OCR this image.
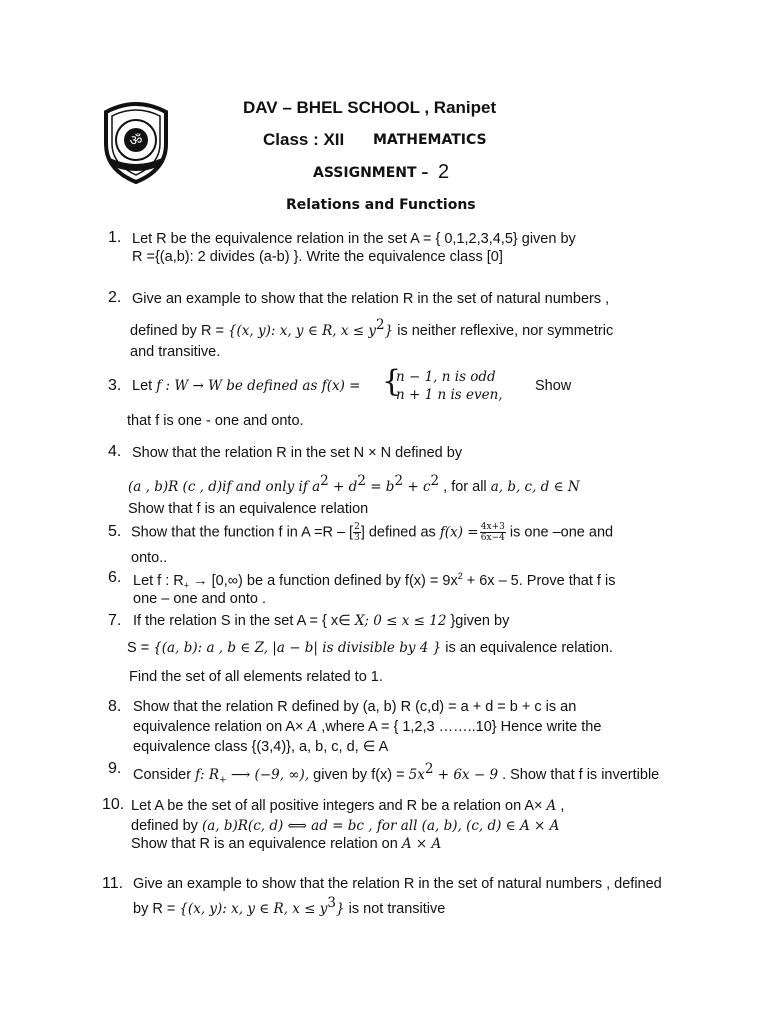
ॐ
DAV – BHEL SCHOOL , Ranipet
Class : XII MATHEMATICS
ASSIGNMENT – 2
Relations and Functions
1. Let R be the equivalence relation in the set A = { 0,1,2,3,4,5} given by
R ={(a,b): 2 divides (a-b) }. Write the equivalence class [0]
2. Give an example to show that the relation R in the set of natural numbers ,
defined by R = {(x, y): x, y ∈ R, $x \le y^2$} is neither reflexive, nor symmetric
and transitive.
3. Let f : W → W be defined as f(x) = {
n − 1, n is odd
n + 1 n is even,
Show
that f is one - one and onto.
4. Show that the relation R in the set N × N defined by
(a , b)R (c , d)if and only if $a^2 + d^2 = b^2 + c^2$ , for all a, b, c, d ∈ N
Show that f is an equivalence relation
5. Show that the function f in A =R – [ $\frac{2}{3}$ ] defined as f(x) =  $\frac{4x+3}{6x-4}$ is one –one and
onto..
6. Let f : $R_+ \to [0,\infty)$ be a function defined by $f(x) = 9x^2 + 6x - 5$. Prove that f is
one – one and onto .
7. If the relation S in the set A = { x∈ X; 0 ≤ x ≤ 12 }given by
S = {(a, b): a , b ∈ Z, |a − b| is divisible by 4 } is an equivalence relation.
Find the set of all elements related to 1.
8. Show that the relation R defined by (a, b) R (c,d) = a + d = b + c is an
equivalence relation on A× A ,where A = { 1,2,3 ……..10} Hence write the
equivalence class {(3,4)}, a, b, c, d, ∈ A
9. Consider f: $R_+$ ⟶ (−9, ∞), given by $f(x) = 5x^2 + 6x - 9$ . Show that f is invertible
10. Let A be the set of all positive integers and R be a relation on A× A ,
defined by (a, b)R(c, d) ⟺ ad = bc , for all (a, b), (c, d) ∈ A × A
Show that R is an equivalence relation on A × A
11. Give an example to show that the relation R in the set of natural numbers , defined
by R = {(x, y): x, y ∈ R, $x \le y^3$} is not transitive
